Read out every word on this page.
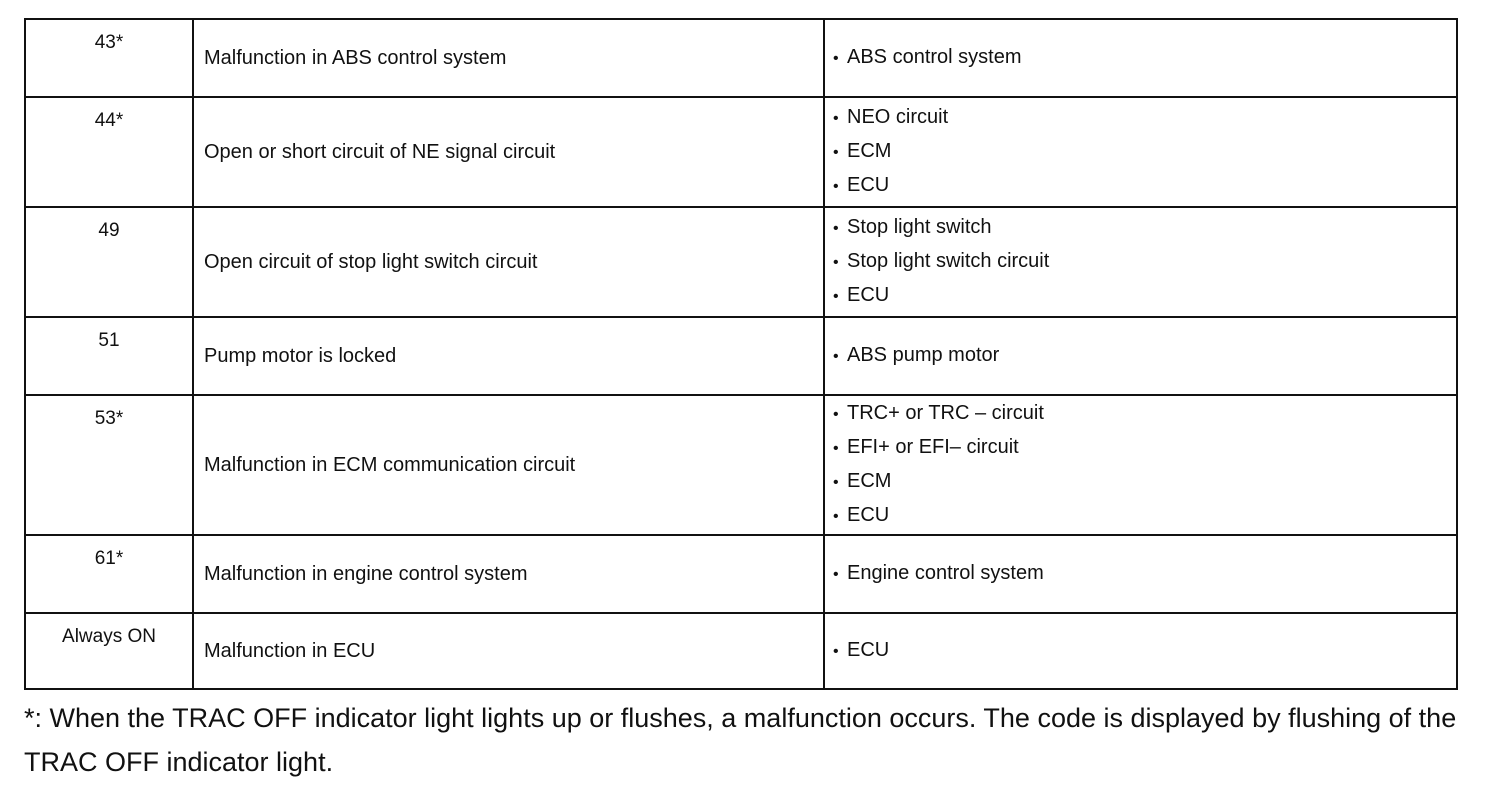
43*	Malfunction in ABS control system	• ABS control system

44*	Open or short circuit of NE signal circuit	• NEO circuit
• ECM
• ECU

49	Open circuit of stop light switch circuit	• Stop light switch
• Stop light switch circuit
• ECU

51	Pump motor is locked	• ABS pump motor

53*	Malfunction in ECM communication circuit	• TRC+ or TRC – circuit
• EFI+ or EFI– circuit
• ECM
• ECU

61*	Malfunction in engine control system	• Engine control system

Always ON	Malfunction in ECU	• ECU
*: When the TRAC OFF indicator light lights up or flushes, a malfunction occurs. The code is displayed by flushing of the TRAC OFF indicator light.
